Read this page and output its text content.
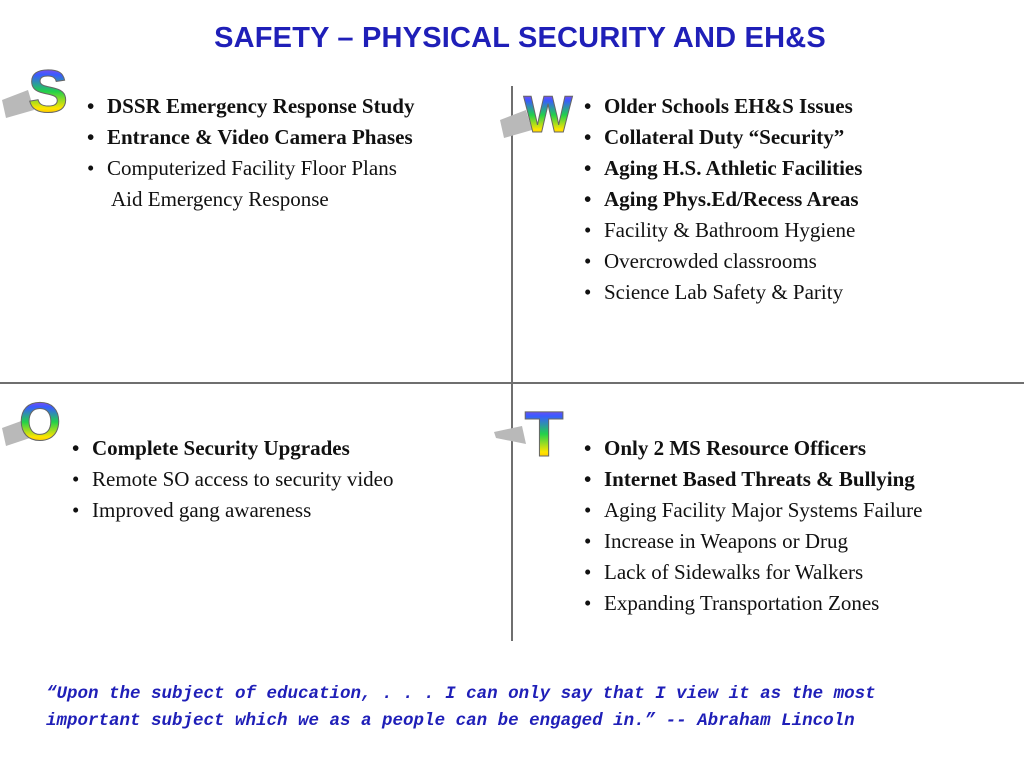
SAFETY – PHYSICAL SECURITY AND EH&S
S	W
O	T
• DSSR Emergency Response Study
• Entrance & Video Camera Phases
• Computerized Facility Floor Plans
Aid Emergency Response
• Older Schools EH&S Issues
• Collateral Duty “Security”
• Aging H.S. Athletic Facilities
• Aging Phys.Ed/Recess Areas
• Facility & Bathroom Hygiene
• Overcrowded classrooms
• Science Lab Safety & Parity
• Complete Security Upgrades
• Remote SO access to security video
• Improved gang awareness
• Only 2 MS Resource Officers
• Internet Based Threats & Bullying
• Aging Facility Major Systems Failure
• Increase in Weapons or Drug
• Lack of Sidewalks for Walkers
• Expanding Transportation Zones
“Upon the subject of education, . . . I can only say that I view it as the most
important subject which we as a people can be engaged in.” -- Abraham Lincoln
